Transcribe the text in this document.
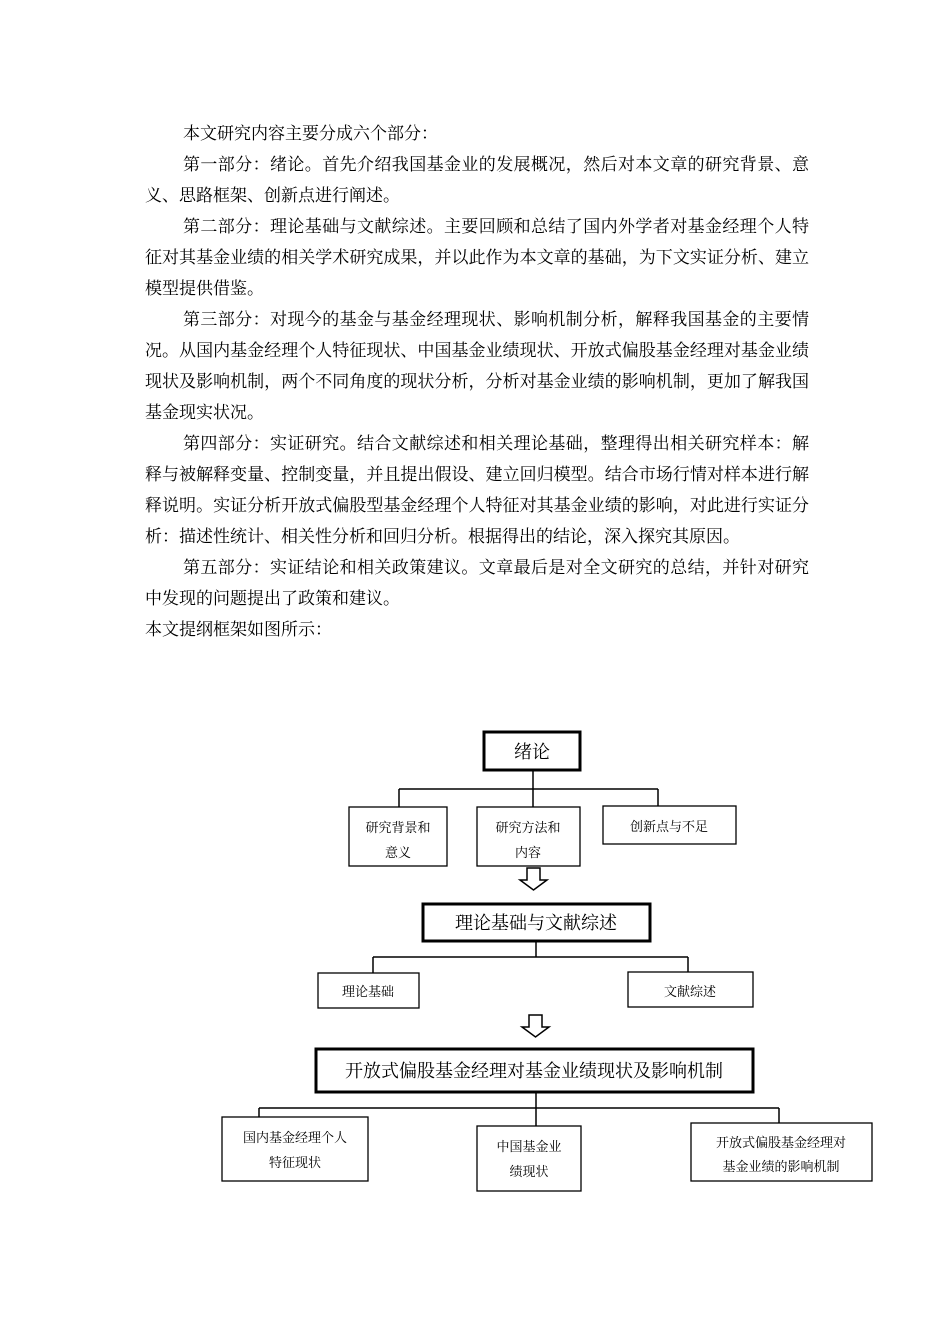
本文研究内容主要分成六个部分：

第一部分：绪论。首先介绍我国基金业的发展概况，然后对本文章的研究背景、意义、思路框架、创新点进行阐述。

第二部分：理论基础与文献综述。主要回顾和总结了国内外学者对基金经理个人特征对其基金业绩的相关学术研究成果，并以此作为本文章的基础，为下文实证分析、建立模型提供借鉴。

第三部分：对现今的基金与基金经理现状、影响机制分析，解释我国基金的主要情况。从国内基金经理个人特征现状、中国基金业绩现状、开放式偏股基金经理对基金业绩现状及影响机制，两个不同角度的现状分析，分析对基金业绩的影响机制，更加了解我国基金现实状况。

第四部分：实证研究。结合文献综述和相关理论基础，整理得出相关研究样本：解释与被解释变量、控制变量，并且提出假设、建立回归模型。结合市场行情对样本进行解释说明。实证分析开放式偏股型基金经理个人特征对其基金业绩的影响，对此进行实证分析：描述性统计、相关性分析和回归分析。根据得出的结论，深入探究其原因。

第五部分：实证结论和相关政策建议。文章最后是对全文研究的总结，并针对研究中发现的问题提出了政策和建议。

本文提纲框架如图所示：

绪论
研究背景和
意义
研究方法和
内容
创新点与不足
理论基础与文献综述
理论基础	文献综述
开放式偏股基金经理对基金业绩现状及影响机制
国内基金经理个人
特征现状
中国基金业
绩现状
开放式偏股基金经理对
基金业绩的影响机制
